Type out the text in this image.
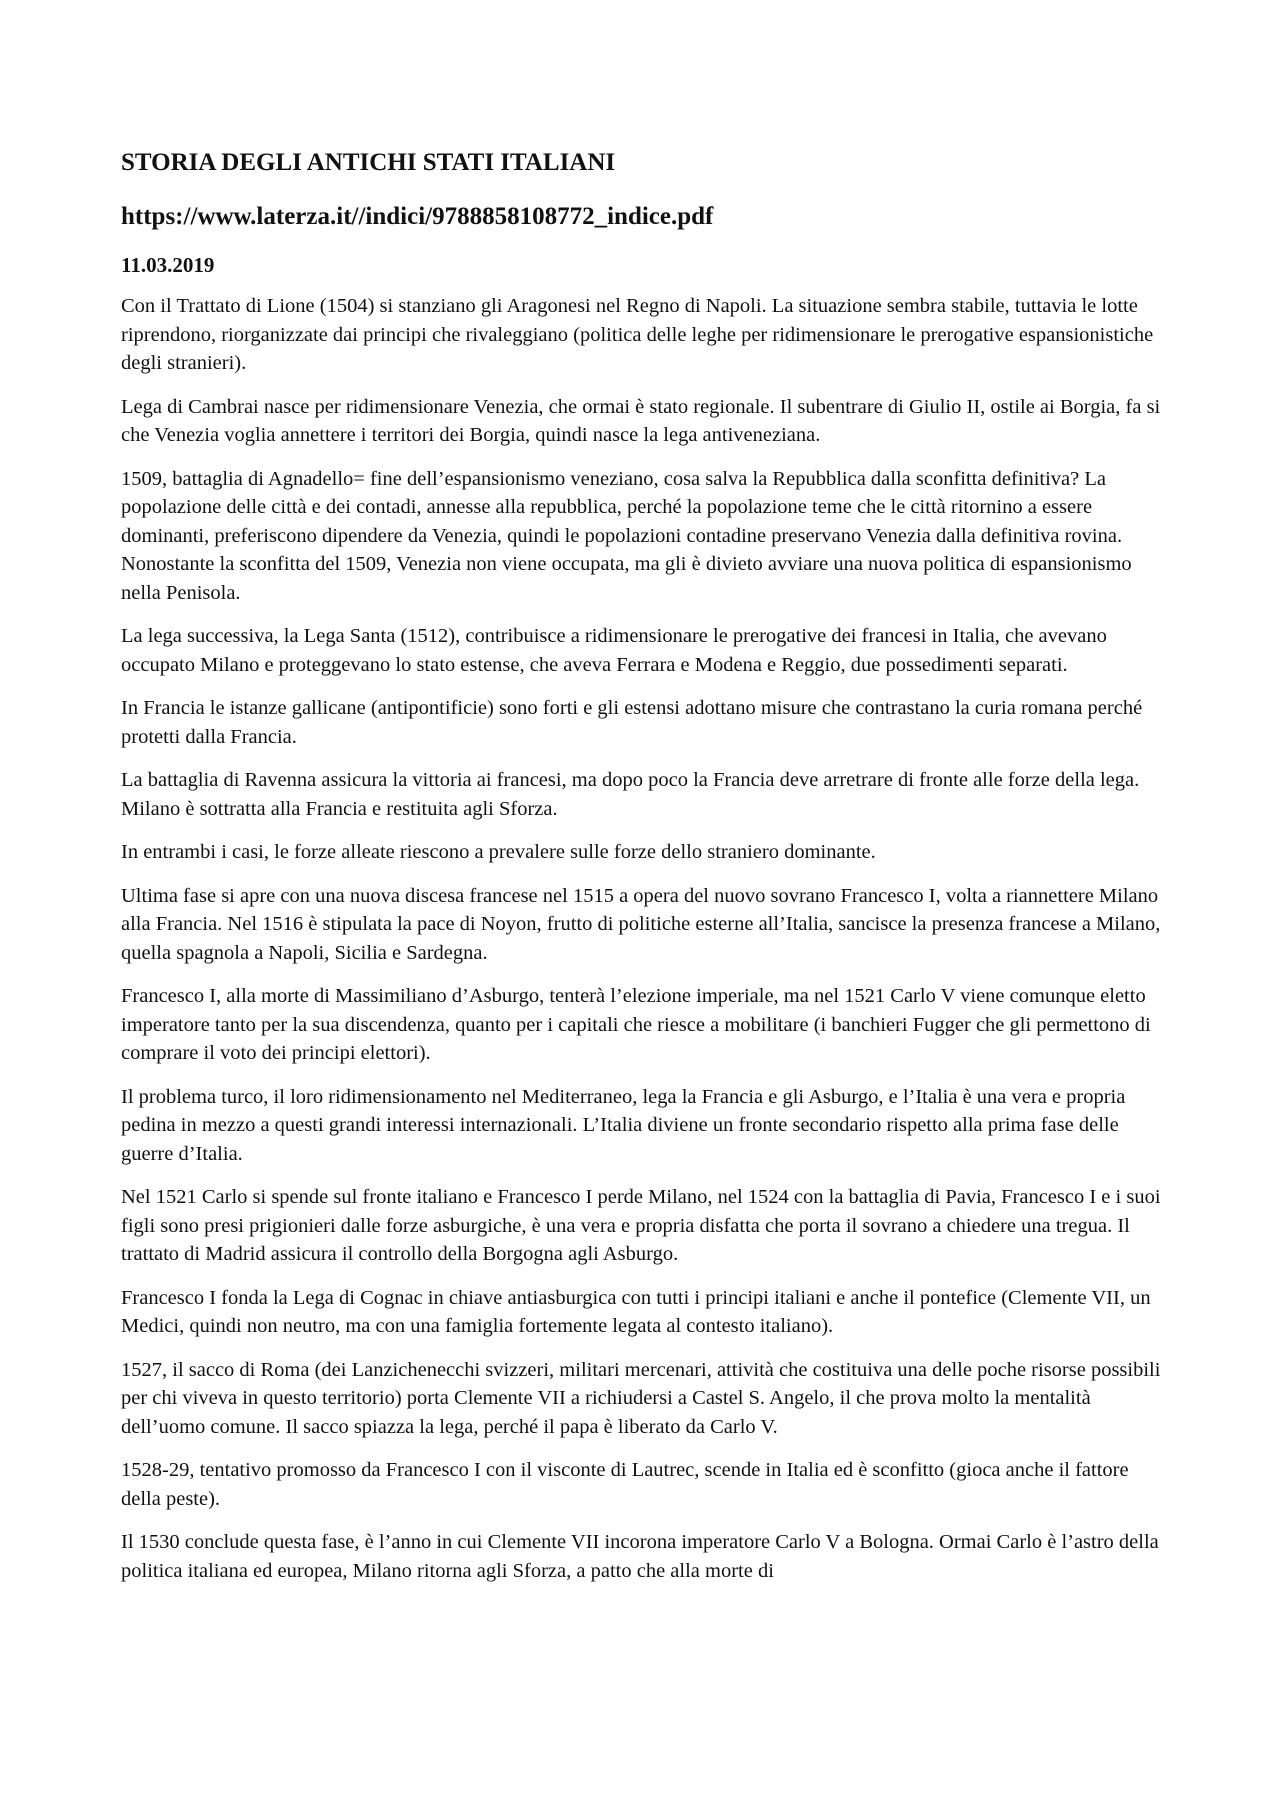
STORIA DEGLI ANTICHI STATI ITALIANI
https://www.laterza.it//indici/9788858108772_indice.pdf
11.03.2019

Con il Trattato di Lione (1504) si stanziano gli Aragonesi nel Regno di Napoli. La situazione sembra stabile, tuttavia le lotte riprendono, riorganizzate dai principi che rivaleggiano (politica delle leghe per ridimensionare le prerogative espansionistiche degli stranieri).

Lega di Cambrai nasce per ridimensionare Venezia, che ormai è stato regionale. Il subentrare di Giulio II, ostile ai Borgia, fa si che Venezia voglia annettere i territori dei Borgia, quindi nasce la lega antiveneziana.

1509, battaglia di Agnadello= fine dell’espansionismo veneziano, cosa salva la Repubblica dalla sconfitta definitiva? La popolazione delle città e dei contadi, annesse alla repubblica, perché la popolazione teme che le città ritornino a essere dominanti, preferiscono dipendere da Venezia, quindi le popolazioni contadine preservano Venezia dalla definitiva rovina. Nonostante la sconfitta del 1509, Venezia non viene occupata, ma gli è divieto avviare una nuova politica di espansionismo nella Penisola.

La lega successiva, la Lega Santa (1512), contribuisce a ridimensionare le prerogative dei francesi in Italia, che avevano occupato Milano e proteggevano lo stato estense, che aveva Ferrara e Modena e Reggio, due possedimenti separati.

In Francia le istanze gallicane (antipontificie) sono forti e gli estensi adottano misure che contrastano la curia romana perché protetti dalla Francia.

La battaglia di Ravenna assicura la vittoria ai francesi, ma dopo poco la Francia deve arretrare di fronte alle forze della lega. Milano è sottratta alla Francia e restituita agli Sforza.

In entrambi i casi, le forze alleate riescono a prevalere sulle forze dello straniero dominante.

Ultima fase si apre con una nuova discesa francese nel 1515 a opera del nuovo sovrano Francesco I, volta a riannettere Milano alla Francia. Nel 1516 è stipulata la pace di Noyon, frutto di politiche esterne all’Italia, sancisce la presenza francese a Milano, quella spagnola a Napoli, Sicilia e Sardegna.

Francesco I, alla morte di Massimiliano d’Asburgo, tenterà l’elezione imperiale, ma nel 1521 Carlo V viene comunque eletto imperatore tanto per la sua discendenza, quanto per i capitali che riesce a mobilitare (i banchieri Fugger che gli permettono di comprare il voto dei principi elettori).

Il problema turco, il loro ridimensionamento nel Mediterraneo, lega la Francia e gli Asburgo, e l’Italia è una vera e propria pedina in mezzo a questi grandi interessi internazionali. L’Italia diviene un fronte secondario rispetto alla prima fase delle guerre d’Italia.

Nel 1521 Carlo si spende sul fronte italiano e Francesco I perde Milano, nel 1524 con la battaglia di Pavia, Francesco I e i suoi figli sono presi prigionieri dalle forze asburgiche, è una vera e propria disfatta che porta il sovrano a chiedere una tregua. Il trattato di Madrid assicura il controllo della Borgogna agli Asburgo.

Francesco I fonda la Lega di Cognac in chiave antiasburgica con tutti i principi italiani e anche il pontefice (Clemente VII, un Medici, quindi non neutro, ma con una famiglia fortemente legata al contesto italiano).

1527, il sacco di Roma (dei Lanzichenecchi svizzeri, militari mercenari, attività che costituiva una delle poche risorse possibili per chi viveva in questo territorio) porta Clemente VII a richiudersi a Castel S. Angelo, il che prova molto la mentalità dell’uomo comune. Il sacco spiazza la lega, perché il papa è liberato da Carlo V.

1528-29, tentativo promosso da Francesco I con il visconte di Lautrec, scende in Italia ed è sconfitto (gioca anche il fattore della peste).

Il 1530 conclude questa fase, è l’anno in cui Clemente VII incorona imperatore Carlo V a Bologna. Ormai Carlo è l’astro della politica italiana ed europea, Milano ritorna agli Sforza, a patto che alla morte di
